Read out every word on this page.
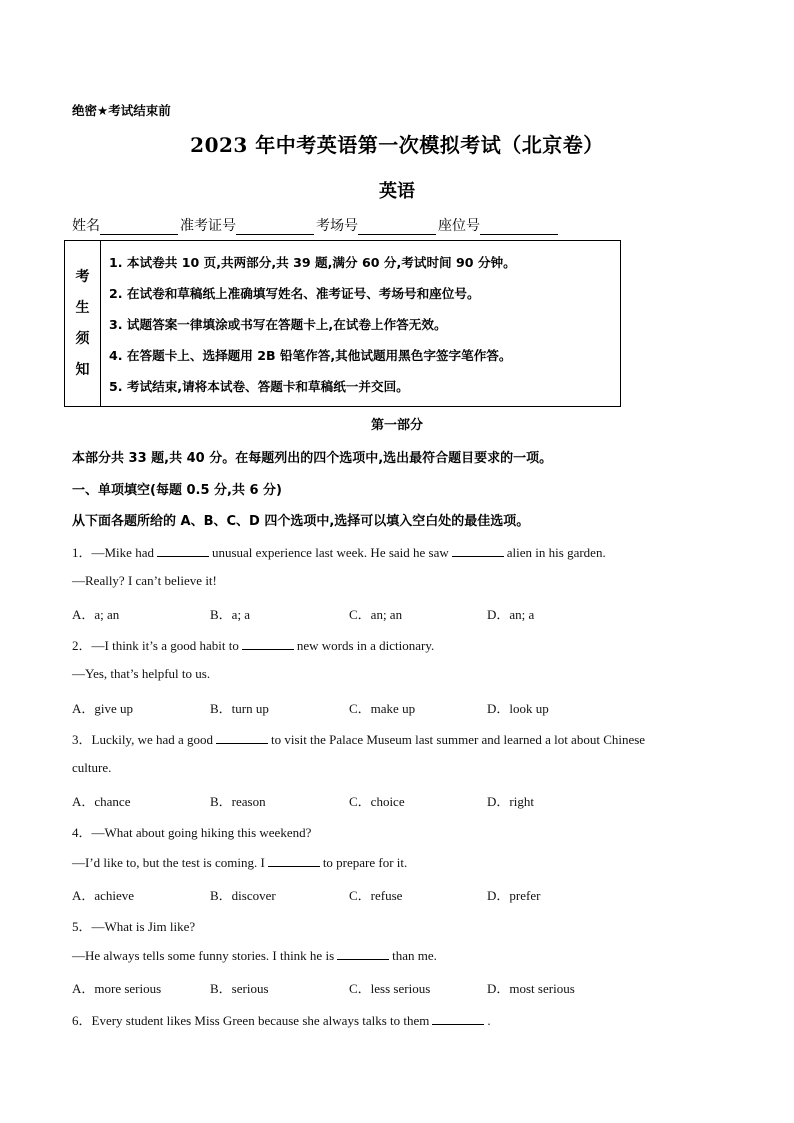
绝密★考试结束前
2023 年中考英语第一次模拟考试（北京卷）
英语
姓名	准考证号	考场号	座位号
考
生
须
知
1. 本试卷共 10 页,共两部分,共 39 题,满分 60 分,考试时间 90 分钟。
2. 在试卷和草稿纸上准确填写姓名、准考证号、考场号和座位号。
3. 试题答案一律填涂或书写在答题卡上,在试卷上作答无效。
4. 在答题卡上、选择题用 2B 铅笔作答,其他试题用黑色字签字笔作答。
5. 考试结束,请将本试卷、答题卡和草稿纸一并交回。
第一部分
本部分共 33 题,共 40 分。在每题列出的四个选项中,选出最符合题目要求的一项。
一、单项填空(每题 0.5 分,共 6 分)
从下面各题所给的 A、B、C、D 四个选项中,选择可以填入空白处的最佳选项。
1．—Mike had	unusual experience last week. He said he saw	alien in his garden.
—Really? I can’t believe it!
A．a; an	B．a; a	C．an; an	D．an; a
2．—I think it’s a good habit to	new words in a dictionary.
—Yes, that’s helpful to us.
A．give up	B．turn up	C．make up	D．look up
3．Luckily, we had a good	to visit the Palace Museum last summer and learned a lot about Chinese
culture.
A．chance	B．reason	C．choice	D．right
4．—What about going hiking this weekend?
—I’d like to, but the test is coming. I	to prepare for it.
A．achieve	B．discover	C．refuse	D．prefer
5．—What is Jim like?
—He always tells some funny stories. I think he is	than me.
A．more serious	B．serious	C．less serious	D．most serious
6．Every student likes Miss Green because she always talks to them	.
